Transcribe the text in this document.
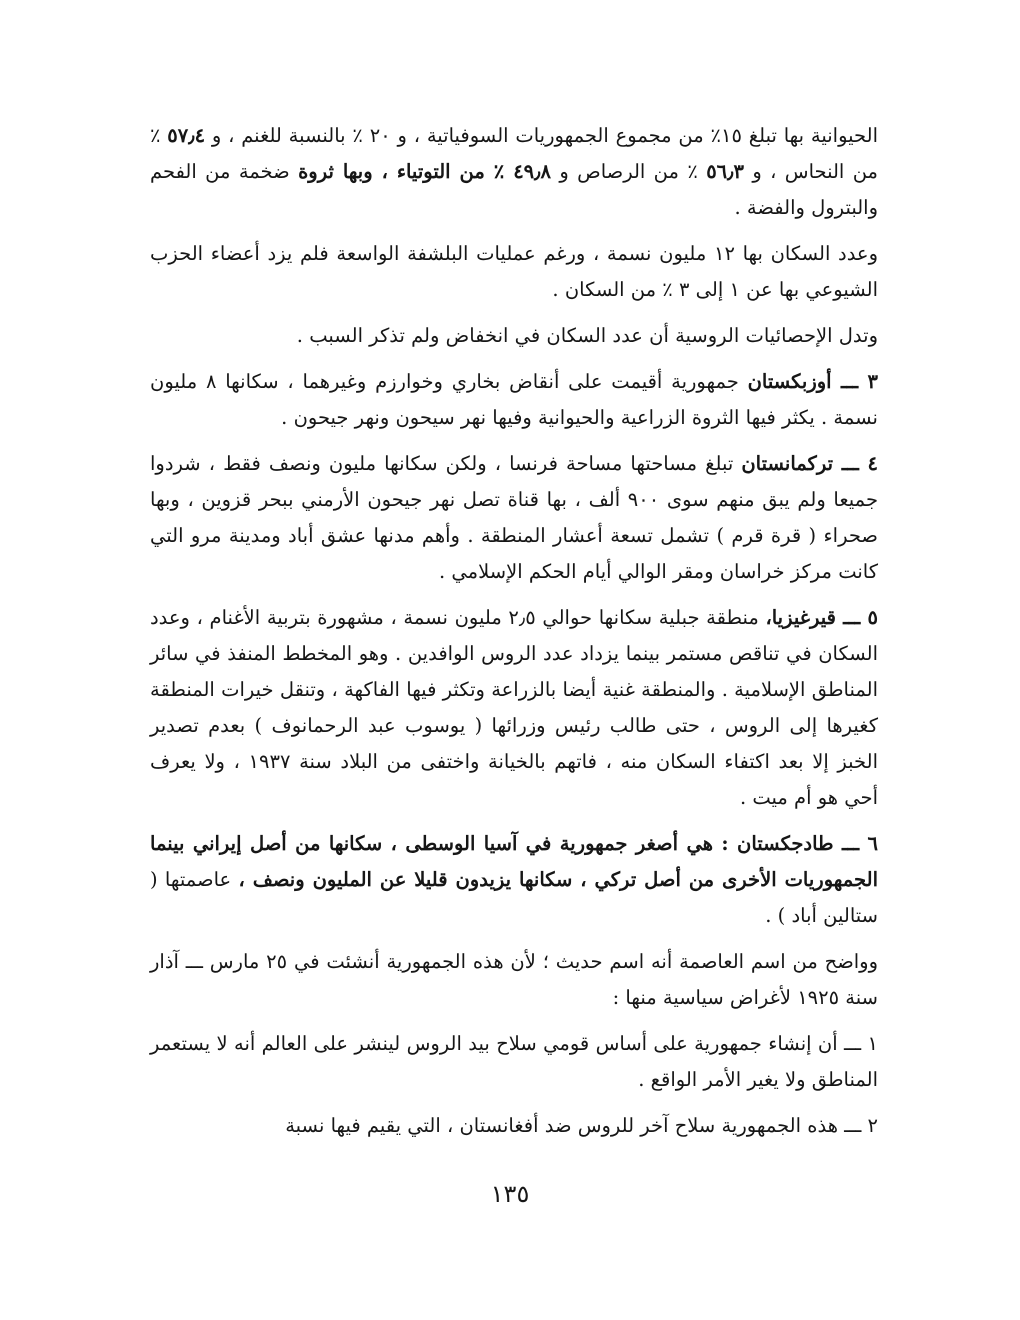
الحيوانية بها تبلغ ١٥٪ من مجموع الجمهوريات السوفياتية ، و ٢٠ ٪ بالنسبة للغنم ، و ٥٧٫٤ ٪ من النحاس ، و ٥٦٫٣ ٪ من الرصاص و ٤٩٫٨ ٪ من التوتياء ، وبها ثروة ضخمة من الفحم والبترول والفضة .

وعدد السكان بها ١٢ مليون نسمة ، ورغم عمليات البلشفة الواسعة فلم يزد أعضاء الحزب الشيوعي بها عن ١ إلى ٣ ٪ من السكان .

وتدل الإحصائيات الروسية أن عدد السكان في انخفاض ولم تذكر السبب .

٣ ـــ أوزبكستان جمهورية أقيمت على أنقاض بخاري وخوارزم وغيرهما ، سكانها ٨ مليون نسمة . يكثر فيها الثروة الزراعية والحيوانية وفيها نهر سيحون ونهر جيحون .

٤ ـــ تركمانستان تبلغ مساحتها مساحة فرنسا ، ولكن سكانها مليون ونصف فقط ، شردوا جميعا ولم يبق منهم سوى ٩٠٠ ألف ، بها قناة تصل نهر جيحون الأرمني ببحر قزوين ، وبها صحراء ( قرة قرم ) تشمل تسعة أعشار المنطقة . وأهم مدنها عشق أباد ومدينة مرو التي كانت مركز خراسان ومقر الوالي أيام الحكم الإسلامي .

٥ ـــ قيرغيزيا، منطقة جبلية سكانها حوالي ٢٫٥ مليون نسمة ، مشهورة بتربية الأغنام ، وعدد السكان في تناقص مستمر بينما يزداد عدد الروس الوافدين . وهو المخطط المنفذ في سائر المناطق الإسلامية . والمنطقة غنية أيضا بالزراعة وتكثر فيها الفاكهة ، وتنقل خيرات المنطقة كغيرها إلى الروس ، حتى طالب رئيس وزرائها ( يوسوب عبد الرحمانوف ) بعدم تصدير الخبز إلا بعد اكتفاء السكان منه ، فاتهم بالخيانة واختفى من البلاد سنة ١٩٣٧ ، ولا يعرف أحي هو أم ميت .

٦ ـــ طادجكستان : هي أصغر جمهورية في آسيا الوسطى ، سكانها من أصل إيراني بينما الجمهوريات الأخرى من أصل تركي ، سكانها يزيدون قليلا عن المليون ونصف ، عاصمتها ( ستالين أباد ) .

وواضح من اسم العاصمة أنه اسم حديث ؛ لأن هذه الجمهورية أنشئت في ٢٥ مارس ـــ آذار سنة ١٩٢٥ لأغراض سياسية منها :

١ ـــ أن إنشاء جمهورية على أساس قومي سلاح بيد الروس لينشر على العالم أنه لا يستعمر المناطق ولا يغير الأمر الواقع .

٢ ـــ هذه الجمهورية سلاح آخر للروس ضد أفغانستان ، التي يقيم فيها نسبة

١٣٥
